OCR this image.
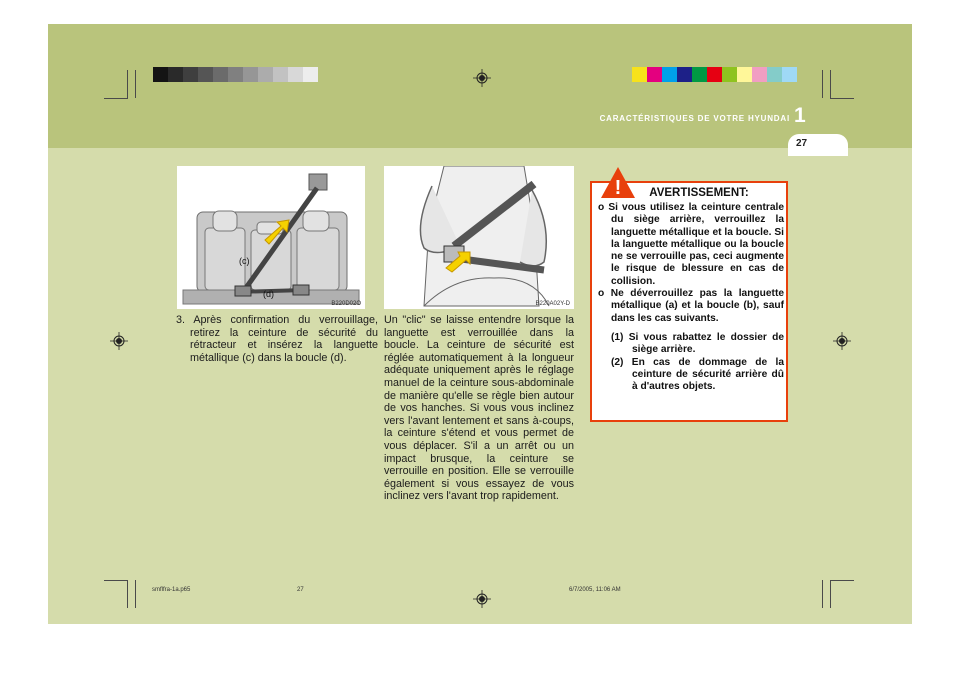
CARACTÉRISTIQUES DE VOTRE HYUNDAI 1
27
(c)
(d)
B220D02O	B220A02Y-D
3. Après confirmation du verrouillage, retirez la ceinture de sécurité du rétracteur et insérez la languette métallique (c) dans la boucle (d).
Un "clic" se laisse entendre lorsque la languette est verrouillée dans la boucle. La ceinture de sécurité est réglée automatiquement à la longueur adéquate uniquement après le réglage manuel de la ceinture sous-abdominale de manière qu'elle se règle bien autour de vos hanches. Si vous vous inclinez vers l'avant lentement et sans à-coups, la ceinture s'étend et vous permet de vous déplacer. S'il a un arrêt ou un impact brusque, la ceinture se verrouille en position. Elle se verrouille également si vous essayez de vous inclinez vers l'avant trop rapidement.
AVERTISSEMENT:

o Si vous utilisez la ceinture centrale du siège arrière, verrouillez la languette métallique et la boucle. Si la languette métallique ou la boucle ne se verrouille pas, ceci augmente le risque de blessure en cas de collision.

o Ne déverrouillez pas la languette métallique (a) et la boucle (b), sauf dans les cas suivants.

(1) Si vous rabattez le dossier de siège arrière.

(2) En cas de dommage de la ceinture de sécurité arrière dû à d'autres objets.

!
smflfra-1a.p65	27	6/7/2005, 11:06 AM
